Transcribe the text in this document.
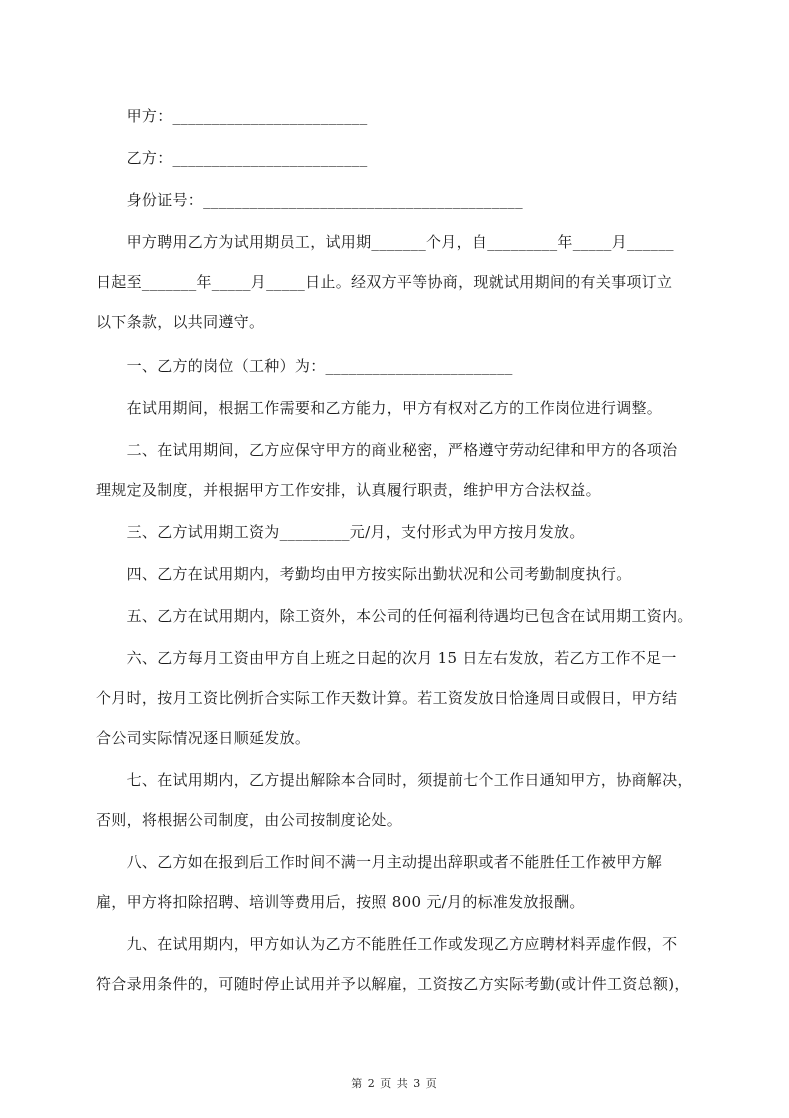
　　甲方：_________________________
　　乙方：_________________________
　　身份证号：_________________________________________
　　甲方聘用乙方为试用期员工，试用期_______个月，自_________年_____月______
日起至_______年_____月_____日止。经双方平等协商，现就试用期间的有关事项订立
以下条款，以共同遵守。
　　一、乙方的岗位（工种）为：________________________
　　在试用期间，根据工作需要和乙方能力，甲方有权对乙方的工作岗位进行调整。
　　二、在试用期间，乙方应保守甲方的商业秘密，严格遵守劳动纪律和甲方的各项治
理规定及制度，并根据甲方工作安排，认真履行职责，维护甲方合法权益。
　　三、乙方试用期工资为_________元/月，支付形式为甲方按月发放。
　　四、乙方在试用期内，考勤均由甲方按实际出勤状况和公司考勤制度执行。
　　五、乙方在试用期内，除工资外，本公司的任何福利待遇均已包含在试用期工资内。
　　六、乙方每月工资由甲方自上班之日起的次月 15 日左右发放，若乙方工作不足一
个月时，按月工资比例折合实际工作天数计算。若工资发放日恰逢周日或假日，甲方结
合公司实际情况逐日顺延发放。
　　七、在试用期内，乙方提出解除本合同时，须提前七个工作日通知甲方，协商解决，
否则，将根据公司制度，由公司按制度论处。
　　八、乙方如在报到后工作时间不满一月主动提出辞职或者不能胜任工作被甲方解
雇，甲方将扣除招聘、培训等费用后，按照 800 元/月的标准发放报酬。
　　九、在试用期内，甲方如认为乙方不能胜任工作或发现乙方应聘材料弄虚作假，不
符合录用条件的，可随时停止试用并予以解雇，工资按乙方实际考勤(或计件工资总额)，
第 2 页 共 3 页
